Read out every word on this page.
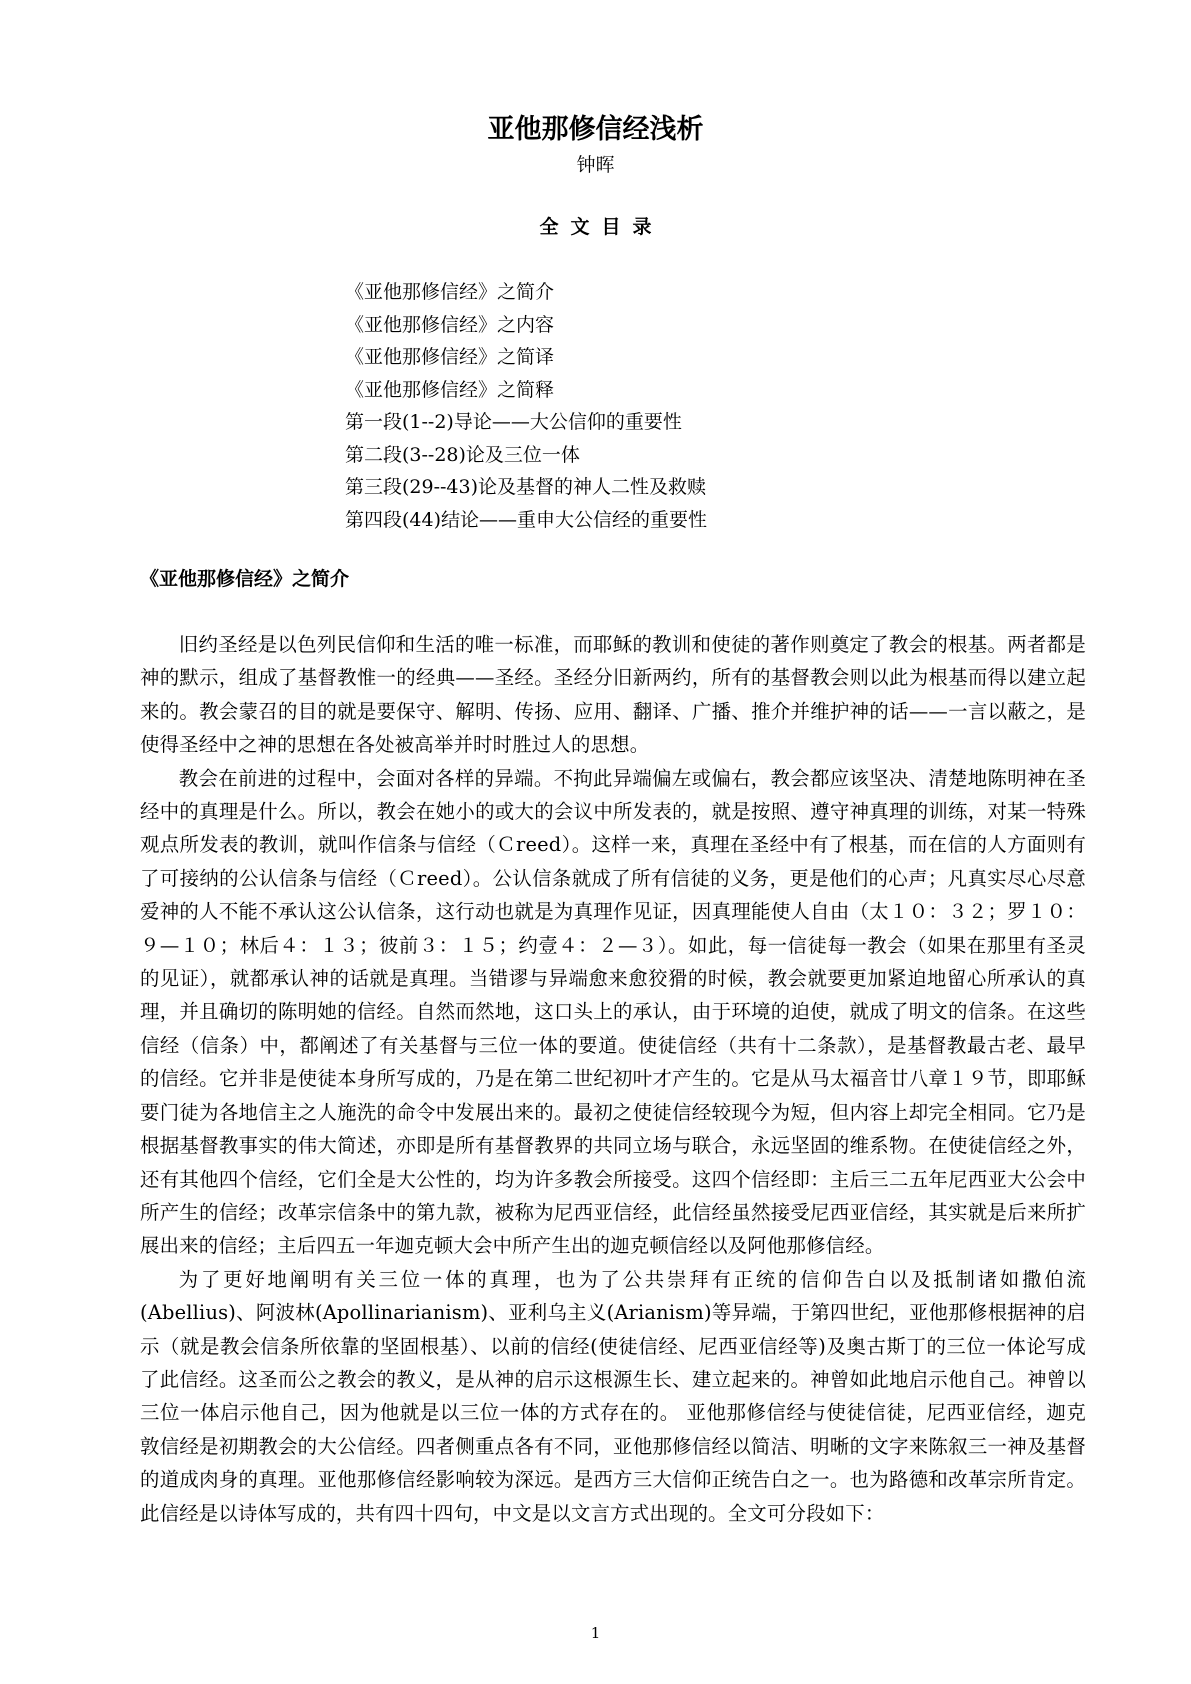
亚他那修信经浅析
钟晖
全文目录
《亚他那修信经》之简介
《亚他那修信经》之内容
《亚他那修信经》之简译
《亚他那修信经》之简释
第一段(1--2)导论——大公信仰的重要性
第二段(3--28)论及三位一体
第三段(29--43)论及基督的神人二性及救赎
第四段(44)结论——重申大公信经的重要性
《亚他那修信经》之简介

旧约圣经是以色列民信仰和生活的唯一标准，而耶稣的教训和使徒的著作则奠定了教会的根基。两者都是神的默示，组成了基督教惟一的经典——圣经。圣经分旧新两约，所有的基督教会则以此为根基而得以建立起来的。教会蒙召的目的就是要保守、解明、传扬、应用、翻译、广播、推介并维护神的话——一言以蔽之，是使得圣经中之神的思想在各处被高举并时时胜过人的思想。

教会在前进的过程中，会面对各样的异端。不拘此异端偏左或偏右，教会都应该坚决、清楚地陈明神在圣经中的真理是什么。所以，教会在她小的或大的会议中所发表的，就是按照、遵守神真理的训练，对某一特殊观点所发表的教训，就叫作信条与信经（Ｃreed）。这样一来，真理在圣经中有了根基，而在信的人方面则有了可接纳的公认信条与信经（Ｃreed）。公认信条就成了所有信徒的义务，更是他们的心声；凡真实尽心尽意爱神的人不能不承认这公认信条，这行动也就是为真理作见证，因真理能使人自由（太１０：３２；罗１０：９—１０；林后４：１３；彼前３：１５；约壹４：２—３）。如此，每一信徒每一教会（如果在那里有圣灵的见证），就都承认神的话就是真理。当错谬与异端愈来愈狡猾的时候，教会就要更加紧迫地留心所承认的真理，并且确切的陈明她的信经。自然而然地，这口头上的承认，由于环境的迫使，就成了明文的信条。在这些信经（信条）中，都阐述了有关基督与三位一体的要道。使徒信经（共有十二条款），是基督教最古老、最早的信经。它并非是使徒本身所写成的，乃是在第二世纪初叶才产生的。它是从马太福音廿八章１９节，即耶稣要门徒为各地信主之人施洗的命令中发展出来的。最初之使徒信经较现今为短，但内容上却完全相同。它乃是根据基督教事实的伟大简述，亦即是所有基督教界的共同立场与联合，永远坚固的维系物。在使徒信经之外，还有其他四个信经，它们全是大公性的，均为许多教会所接受。这四个信经即：主后三二五年尼西亚大公会中所产生的信经；改革宗信条中的第九款，被称为尼西亚信经，此信经虽然接受尼西亚信经，其实就是后来所扩展出来的信经；主后四五一年迦克顿大会中所产生出的迦克顿信经以及阿他那修信经。

为了更好地阐明有关三位一体的真理，也为了公共崇拜有正统的信仰告白以及抵制诸如撒伯流(Abellius)、阿波林(Apollinarianism)、亚利乌主义(Arianism)等异端，于第四世纪，亚他那修根据神的启示（就是教会信条所依靠的坚固根基）、以前的信经(使徒信经、尼西亚信经等)及奥古斯丁的三位一体论写成了此信经。这圣而公之教会的教义，是从神的启示这根源生长、建立起来的。神曾如此地启示他自己。神曾以三位一体启示他自己，因为他就是以三位一体的方式存在的。 亚他那修信经与使徒信徒，尼西亚信经，迦克敦信经是初期教会的大公信经。四者侧重点各有不同，亚他那修信经以简洁、明晰的文字来陈叙三一神及基督的道成肉身的真理。亚他那修信经影响较为深远。是西方三大信仰正统告白之一。也为路德和改革宗所肯定。此信经是以诗体写成的，共有四十四句，中文是以文言方式出现的。全文可分段如下：

1
